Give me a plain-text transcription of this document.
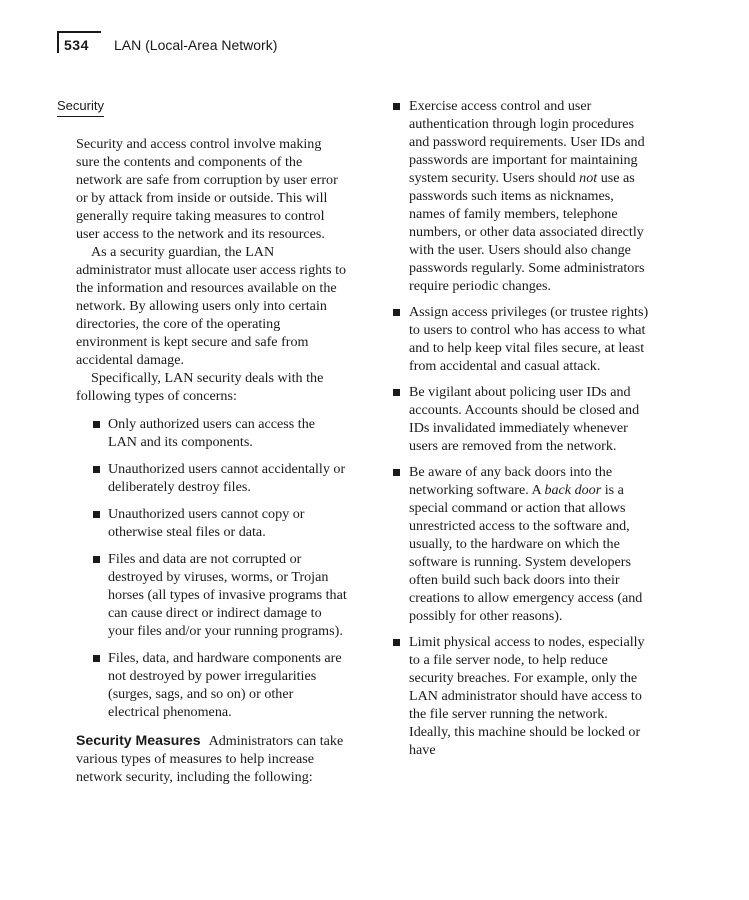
534 LAN (Local-Area Network)
Security

Security and access control involve making sure the contents and components of the network are safe from corruption by user error or by attack from inside or outside. This will generally require taking measures to control user access to the network and its resources.

As a security guardian, the LAN administrator must allocate user access rights to the information and resources available on the network. By allowing users only into certain directories, the core of the operating environment is kept secure and safe from accidental damage.

Specifically, LAN security deals with the following types of concerns:

Only authorized users can access the LAN and its components.
Unauthorized users cannot accidentally or deliberately destroy files.
Unauthorized users cannot copy or otherwise steal files or data.
Files and data are not corrupted or destroyed by viruses, worms, or Trojan horses (all types of invasive programs that can cause direct or indirect damage to your files and/or your running programs).
Files, data, and hardware components are not destroyed by power irregularities (surges, sags, and so on) or other electrical phenomena.

Security Measures Administrators can take various types of measures to help increase network security, including the following:

Exercise access control and user authentication through login procedures and password requirements. User IDs and passwords are important for maintaining system security. Users should not use as passwords such items as nicknames, names of family members, telephone numbers, or other data associated directly with the user. Users should also change passwords regularly. Some administrators require periodic changes.
Assign access privileges (or trustee rights) to users to control who has access to what and to help keep vital files secure, at least from accidental and casual attack.
Be vigilant about policing user IDs and accounts. Accounts should be closed and IDs invalidated immediately whenever users are removed from the network.
Be aware of any back doors into the networking software. A back door is a special command or action that allows unrestricted access to the software and, usually, to the hardware on which the software is running. System developers often build such back doors into their creations to allow emergency access (and possibly for other reasons).
Limit physical access to nodes, especially to a file server node, to help reduce security breaches. For example, only the LAN administrator should have access to the file server running the network. Ideally, this machine should be locked or have
